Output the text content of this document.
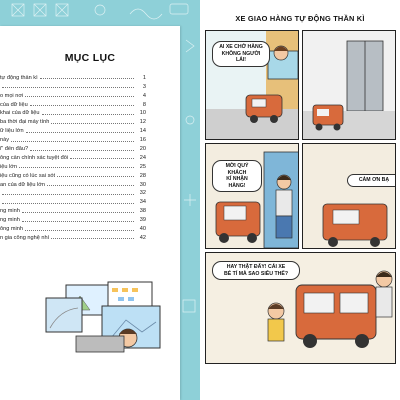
MỤC LỤC
tự động thần kì	1
3
o mọi nơi	4
của dữ liệu	8
khai của dữ liệu	10
ba thời đại máy tính	12
ữ liệu lớn	14
này	16
ỉ" đến đâu?	20
ông cần chính xác tuyệt đối	24
iệu lớn	25
iệu cũng có lúc sai sót	28
an của dữ liệu lớn	30
32
34
ng minh	38
ng minh	39
ông minh	40
n gia công nghệ nhí	42
XE GIAO HÀNG TỰ ĐỘNG THẦN KÌ
AI XE CHỞ HÀNG
KHÔNG NGƯỜI LÁI!
MỜI QUÝ KHÁCH
KÍ NHẬN HÀNG!
CẢM ƠN BẠ
HAY THẬT ĐẤY! CÁI XE
BÉ TÍ MÀ SAO SIÊU THẾ?
